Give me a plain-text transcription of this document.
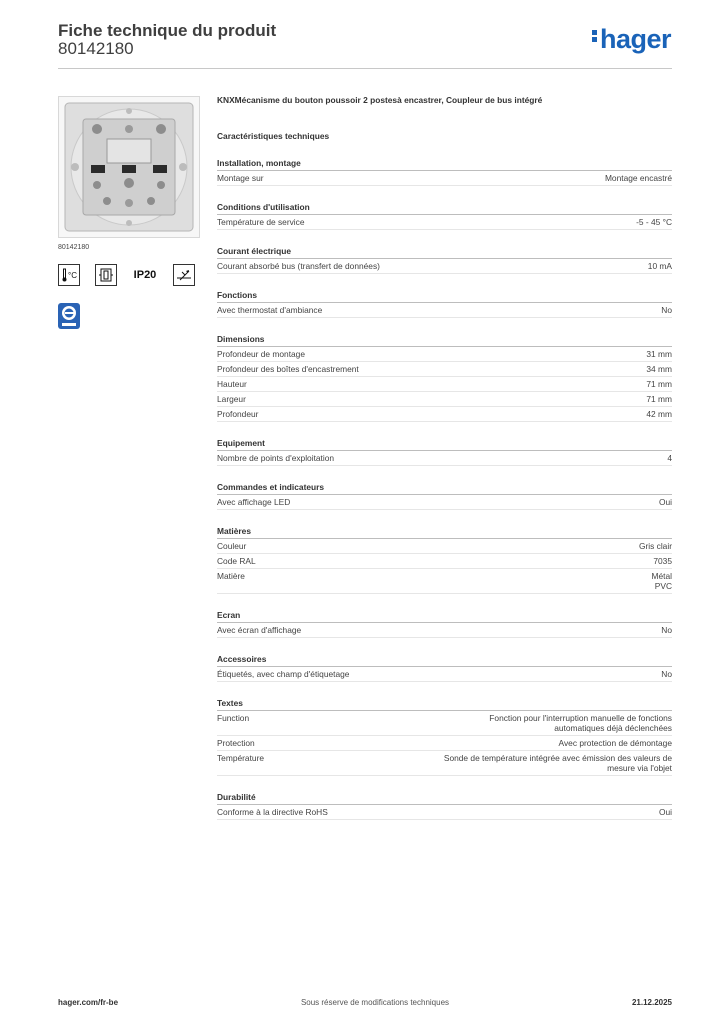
Fiche technique du produit
80142180	hager
80142180
°C	IP20
KNXMécanisme du bouton poussoir 2 postesà encastrer, Coupleur de bus intégré
Caractéristiques techniques
Installation, montage
Montage sur	Montage encastré
Conditions d'utilisation
Température de service	-5 - 45 °C
Courant électrique
Courant absorbé bus (transfert de données)	10 mA
Fonctions
Avec thermostat d'ambiance	No
Dimensions
Profondeur de montage	31 mm
Profondeur des boîtes d'encastrement	34 mm
Hauteur	71 mm
Largeur	71 mm
Profondeur	42 mm
Equipement
Nombre de points d'exploitation	4
Commandes et indicateurs
Avec affichage LED	Oui
Matières
Couleur	Gris clair
Code RAL	7035
Matière	Métal
PVC
Ecran
Avec écran d'affichage	No
Accessoires
Étiquetés, avec champ d'étiquetage	No
Textes
Function	Fonction pour l'interruption manuelle de fonctions
automatiques déjà déclenchées
Protection	Avec protection de démontage
Température	Sonde de température intégrée avec émission des valeurs de
mesure via l'objet
Durabilité
Conforme à la directive RoHS	Oui
hager.com/fr-be	Sous réserve de modifications techniques	21.12.2025
